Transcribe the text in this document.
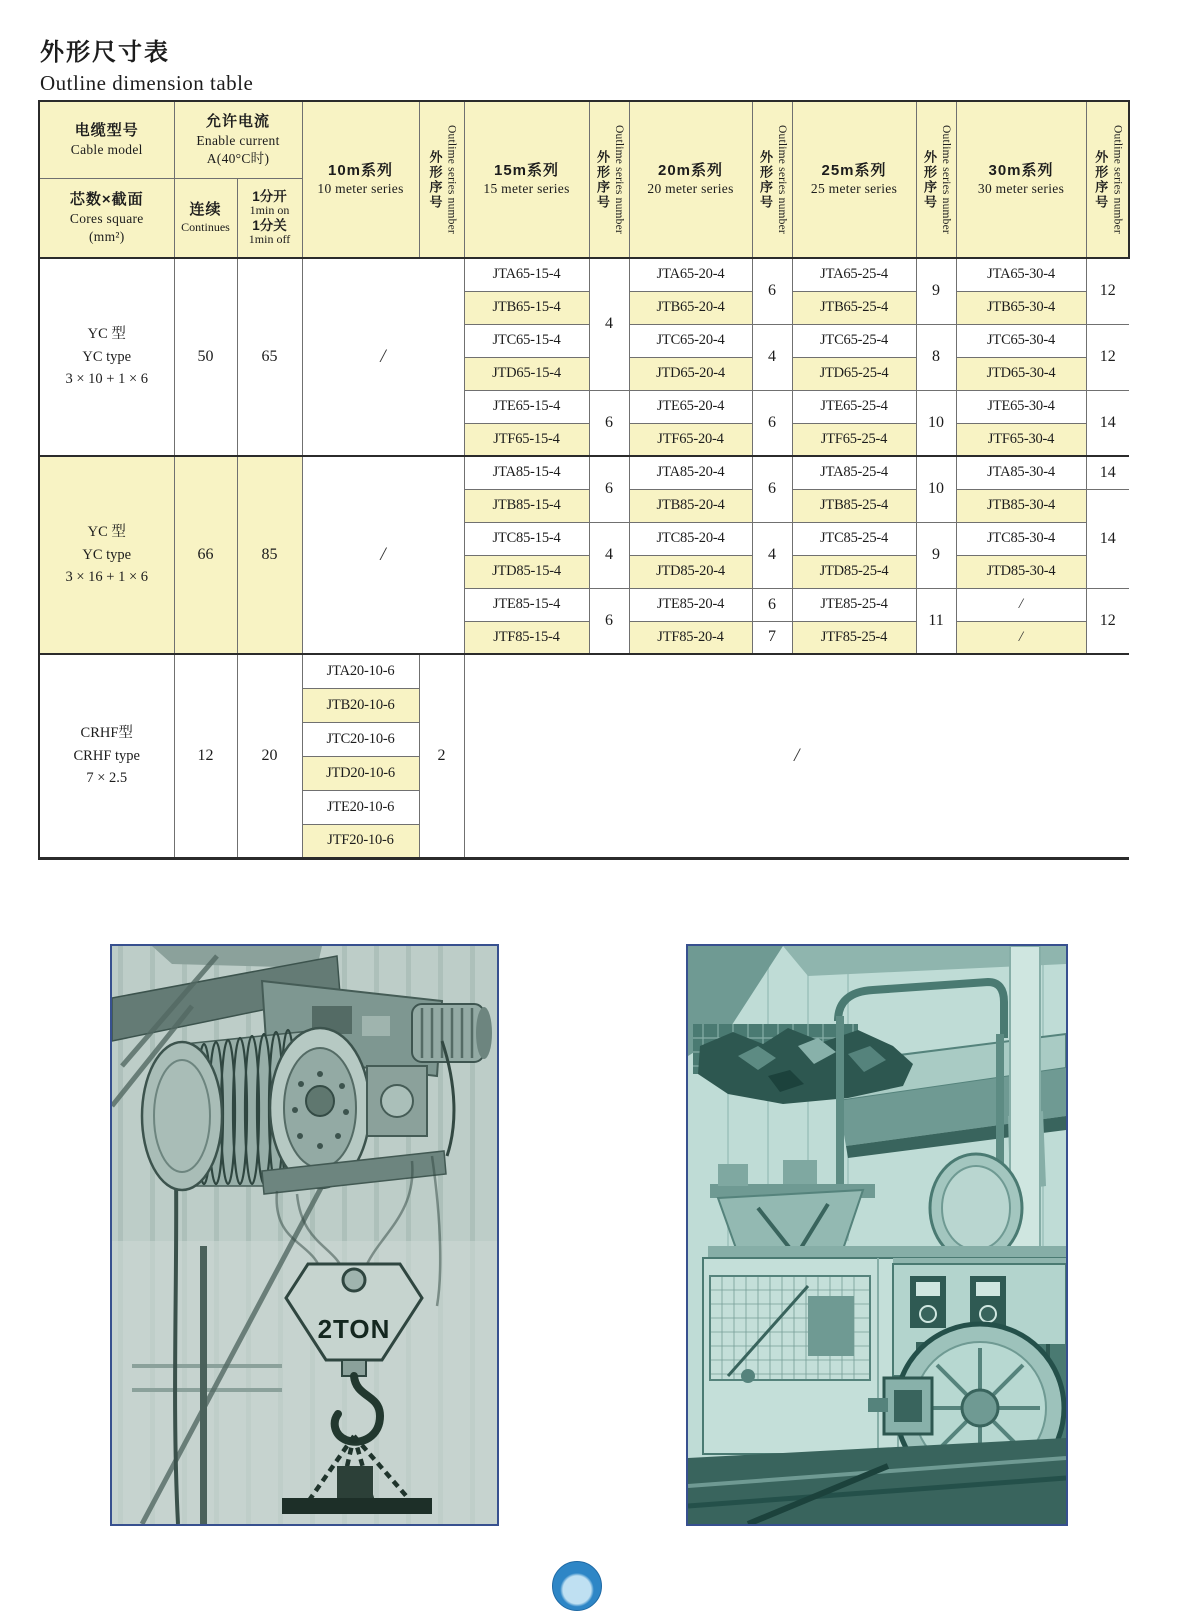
外形尺寸表
Outline dimension table
电缆型号
Cable model	允许电流
Enable current
A(40°C时)		10m系列
10 meter series	外形序号 Outlime series number	15m系列
15 meter series	外形序号 Outlime series number	20m系列
20 meter series	外形序号 Outlime series number	25m系列
25 meter series	外形序号 Outlime series number	30m系列
30 meter series	外形序号 Outlime series number

芯数×截面
Cores square
(mm²)	连续
Continues	1分开
1min on
1分关
1min off										

YC 型
YC type
3 × 10 + 1 × 6	50	65	/		JTA65-15-4	4	JTA65-20-4	6	JTA65-25-4	9	JTA65-30-4	12
					JTB65-15-4		JTB65-20-4		JTB65-25-4		JTB65-30-4	
					JTC65-15-4		JTC65-20-4	4	JTC65-25-4	8	JTC65-30-4	12
					JTD65-15-4		JTD65-20-4		JTD65-25-4		JTD65-30-4	
					JTE65-15-4	6	JTE65-20-4	6	JTE65-25-4	10	JTE65-30-4	14
					JTF65-15-4		JTF65-20-4		JTF65-25-4		JTF65-30-4	

YC 型
YC type
3 × 16 + 1 × 6	66	85	/		JTA85-15-4	6	JTA85-20-4	6	JTA85-25-4	10	JTA85-30-4	14
					JTB85-15-4		JTB85-20-4		JTB85-25-4		JTB85-30-4	14
					JTC85-15-4	4	JTC85-20-4	4	JTC85-25-4	9	JTC85-30-4	
					JTD85-15-4		JTD85-20-4		JTD85-25-4		JTD85-30-4	
					JTE85-15-4	6	JTE85-20-4	6	JTE85-25-4	11	/	12
					JTF85-15-4		JTF85-20-4	7	JTF85-25-4		/	

CRHF型
CRHF type
7 × 2.5	12	20	JTA20-10-6	2	/							
			JTB20-10-6									
			JTC20-10-6									
			JTD20-10-6									
			JTE20-10-6									
			JTF20-10-6									
2TON
